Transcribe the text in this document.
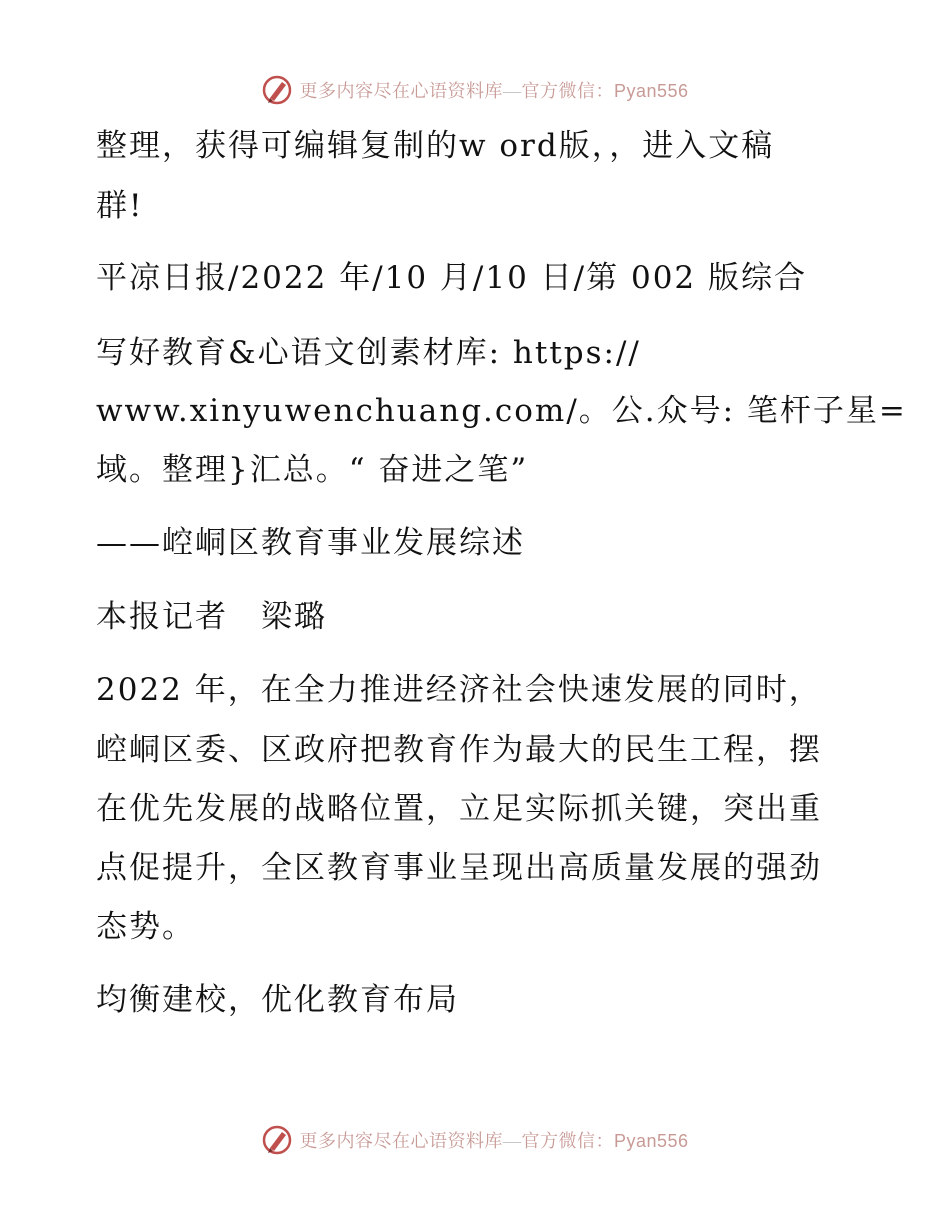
更多内容尽在心语资料库—官方微信：Pyan556
整理，获得可编辑复制的w ord版，，进入文稿
群!
平凉日报/2022 年/10 月/10 日/第 002 版综合
写好教育&心语文创素材库: https://
www.xinyuwenchuang.com/。公.众号: 笔杆子星=
域。整理}汇总。“ 奋进之笔”
——崆峒区教育事业发展综述
本报记者　梁璐
2022 年，在全力推进经济社会快速发展的同时，
崆峒区委、区政府把教育作为最大的民生工程，摆
在优先发展的战略位置，立足实际抓关键，突出重
点促提升，全区教育事业呈现出高质量发展的强劲
态势。
均衡建校，优化教育布局
更多内容尽在心语资料库—官方微信：Pyan556
